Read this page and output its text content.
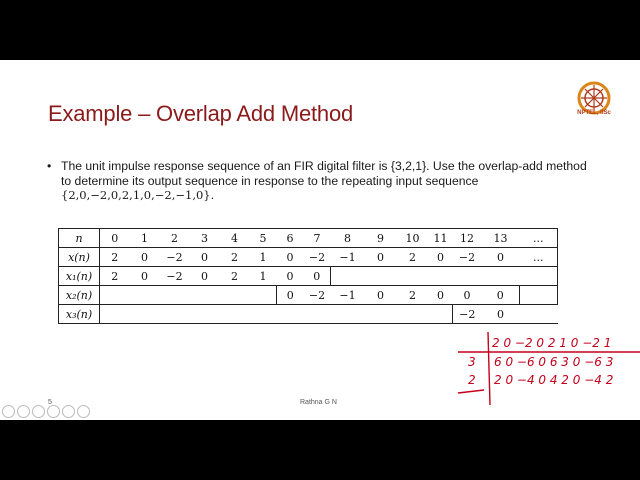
Example – Overlap Add Method	NPTEL, IISc
• The unit impulse response sequence of an FIR digital filter is {3,2,1}. Use the overlap-add method
to determine its output sequence in response to the repeating input sequence
{2,0,−2,0,2,1,0,−2,−1,0}.
n	0	1	2	3	4	5	6	7	8	9	10	11	12	13	...
x(n)	2	0	−2	0	2	1	0	−2	−1	0	2	0	−2	0	...
x₁(n)	2	0	−2	0	2	1	0	0							
x₂(n)							0	−2	−1	0	2	0	0	0	
x₃(n)													−2	0	
2 0 −2 0 2 1 0 −2 1
3 6 0 −6 0 6 3 0 −6 3
2 2 0 −4 0 4 2 0 −4 2
5	Rathna G N
